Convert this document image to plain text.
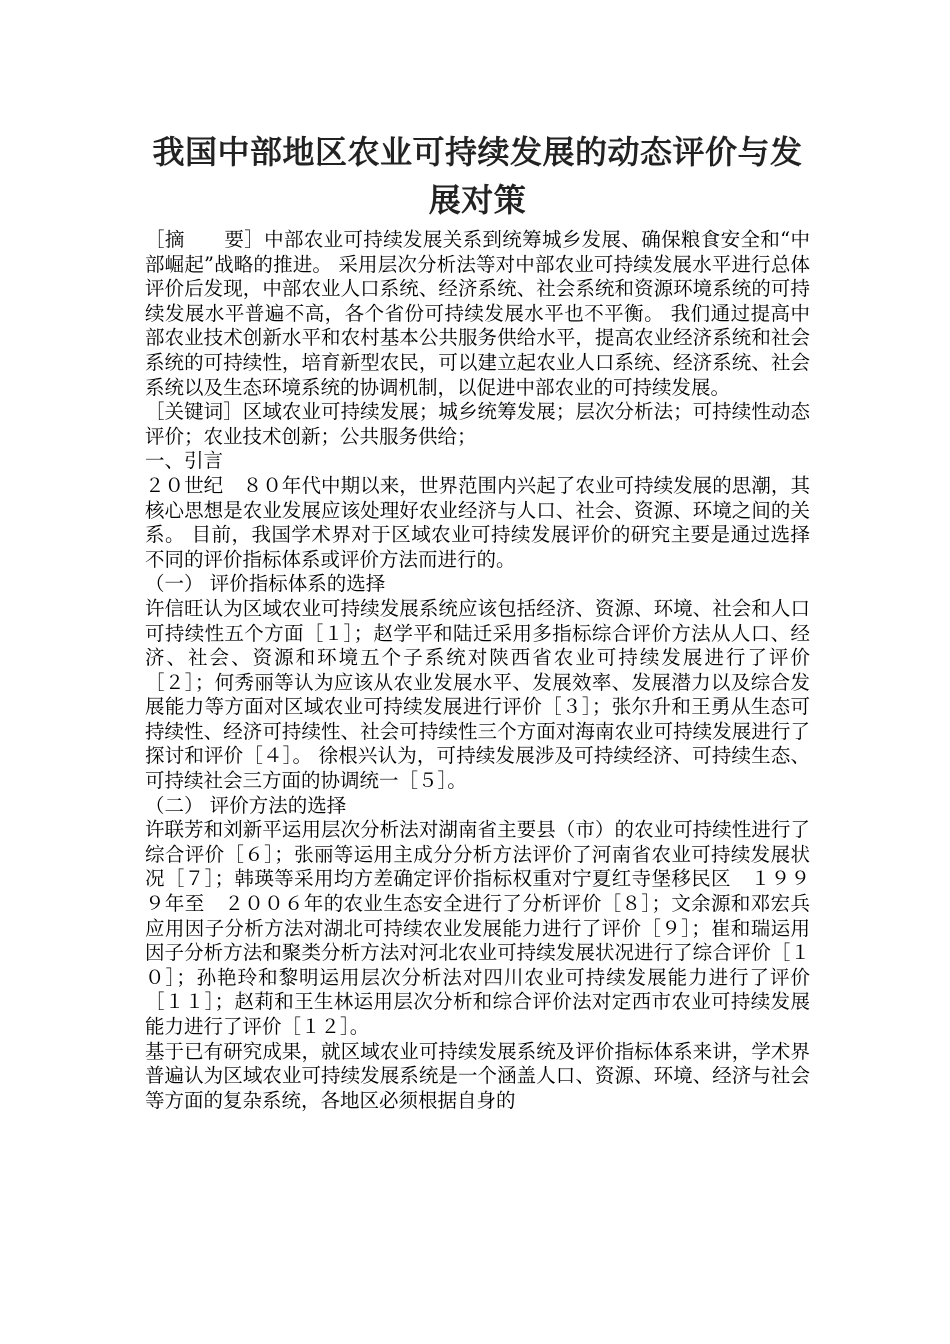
我国中部地区农业可持续发展的动态评价与发展对策

［摘　　要］中部农业可持续发展关系到统筹城乡发展、确保粮食安全和“中部崛起”战略的推进。 采用层次分析法等对中部农业可持续发展水平进行总体评价后发现，中部农业人口系统、经济系统、社会系统和资源环境系统的可持续发展水平普遍不高，各个省份可持续发展水平也不平衡。 我们通过提高中部农业技术创新水平和农村基本公共服务供给水平，提高农业经济系统和社会系统的可持续性，培育新型农民，可以建立起农业人口系统、经济系统、社会系统以及生态环境系统的协调机制，以促进中部农业的可持续发展。

［关键词］区域农业可持续发展；城乡统筹发展；层次分析法；可持续性动态评价；农业技术创新；公共服务供给；

一、引言

２０世纪　８０年代中期以来，世界范围内兴起了农业可持续发展的思潮，其核心思想是农业发展应该处理好农业经济与人口、社会、资源、环境之间的关系。 目前，我国学术界对于区域农业可持续发展评价的研究主要是通过选择不同的评价指标体系或评价方法而进行的。

（一） 评价指标体系的选择

许信旺认为区域农业可持续发展系统应该包括经济、资源、环境、社会和人口可持续性五个方面［１］；赵学平和陆迁采用多指标综合评价方法从人口、经济、社会、资源和环境五个子系统对陕西省农业可持续发展进行了评价［２］；何秀丽等认为应该从农业发展水平、发展效率、发展潜力以及综合发展能力等方面对区域农业可持续发展进行评价［３］；张尔升和王勇从生态可持续性、经济可持续性、社会可持续性三个方面对海南农业可持续发展进行了探讨和评价［４］。 徐根兴认为，可持续发展涉及可持续经济、可持续生态、可持续社会三方面的协调统一［５］。

（二） 评价方法的选择

许联芳和刘新平运用层次分析法对湖南省主要县（市）的农业可持续性进行了综合评价［６］；张丽等运用主成分分析方法评价了河南省农业可持续发展状况［７］；韩瑛等采用均方差确定评价指标权重对宁夏红寺堡移民区　１９９９年至　２００６年的农业生态安全进行了分析评价［８］；文余源和邓宏兵应用因子分析方法对湖北可持续农业发展能力进行了评价［９］；崔和瑞运用因子分析方法和聚类分析方法对河北农业可持续发展状况进行了综合评价［１０］；孙艳玲和黎明运用层次分析法对四川农业可持续发展能力进行了评价［１１］；赵莉和王生林运用层次分析和综合评价法对定西市农业可持续发展能力进行了评价［１２］。

基于已有研究成果，就区域农业可持续发展系统及评价指标体系来讲，学术界普遍认为区域农业可持续发展系统是一个涵盖人口、资源、环境、经济与社会等方面的复杂系统，各地区必须根据自身的
